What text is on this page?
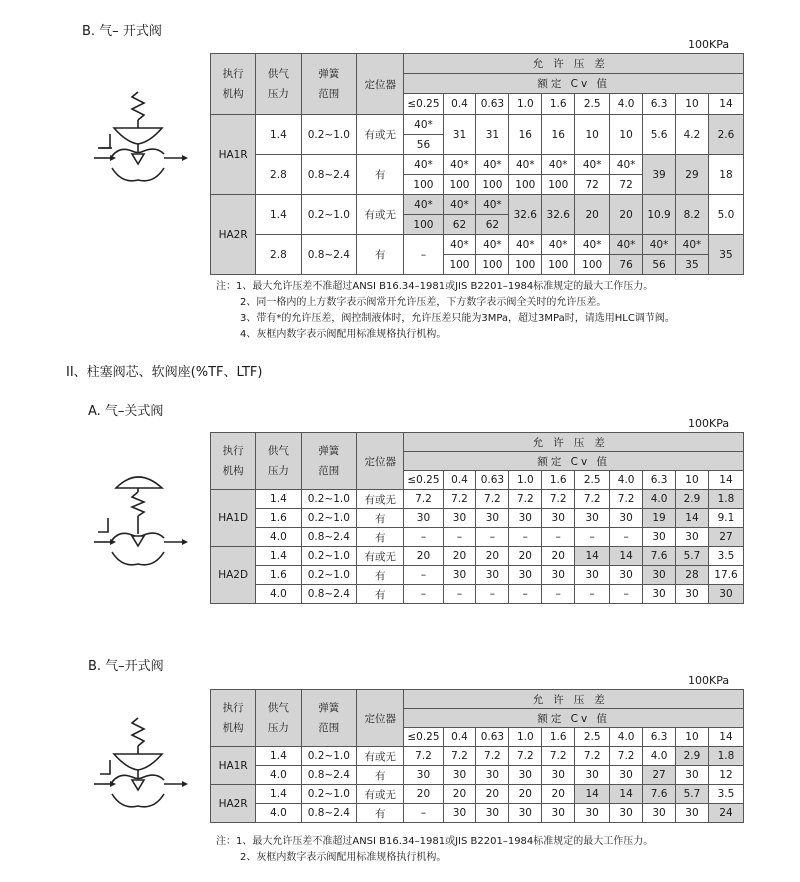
B. 气– 开式阀
100KPa
执行
机构	供气
压力	弹簧
范围	定位器	允许压差									
				额定 Cv 值									
				≤0.25	0.4	0.63	1.0	1.6	2.5	4.0	6.3	10	14
HA1R	1.4	0.2~1.0	有或无	40*	31	31	16	16	10	10	5.6	4.2	2.6
				56									
	2.8	0.8~2.4	有	40*	40*	40*	40*	40*	40*	40*	39	29	18
				100	100	100	100	100	72	72			
HA2R	1.4	0.2~1.0	有或无	40*	40*	40*	32.6	32.6	20	20	10.9	8.2	5.0
				100	62	62							
	2.8	0.8~2.4	有	–	40*	40*	40*	40*	40*	40*	40*	40*	35
					100	100	100	100	100	76	56	35	
注：1、最大允许压差不准超过ANSI B16.34–1981或JIS B2201–1984标准规定的最大工作压力。
2、同一格内的上方数字表示阀常开允许压差，下方数字表示阀全关时的允许压差。
3、带有*的允许压差，阀控制液体时，允许压差只能为3MPa，超过3MPa时，请选用HLC调节阀。
4、灰框内数字表示阀配用标准规格执行机构。
II、柱塞阀芯、软阀座(%TF、LTF)
A. 气–关式阀
100KPa
执行
机构	供气
压力	弹簧
范围	定位器	允许压差									
				额定 Cv 值									
				≤0.25	0.4	0.63	1.0	1.6	2.5	4.0	6.3	10	14
HA1D	1.4	0.2~1.0	有或无	7.2	7.2	7.2	7.2	7.2	7.2	7.2	4.0	2.9	1.8
	1.6	0.2~1.0	有	30	30	30	30	30	30	30	19	14	9.1
	4.0	0.8~2.4	有	–	–	–	–	–	–	–	30	30	27
HA2D	1.4	0.2~1.0	有或无	20	20	20	20	20	14	14	7.6	5.7	3.5
	1.6	0.2~1.0	有	–	30	30	30	30	30	30	30	28	17.6
	4.0	0.8~2.4	有	–	–	–	–	–	–	–	30	30	30
B. 气–开式阀
100KPa
执行
机构	供气
压力	弹簧
范围	定位器	允许压差									
				额定 Cv 值									
				≤0.25	0.4	0.63	1.0	1.6	2.5	4.0	6.3	10	14
HA1R	1.4	0.2~1.0	有或无	7.2	7.2	7.2	7.2	7.2	7.2	7.2	4.0	2.9	1.8
	4.0	0.8~2.4	有	30	30	30	30	30	30	30	27	30	12
HA2R	1.4	0.2~1.0	有或无	20	20	20	20	20	14	14	7.6	5.7	3.5
	4.0	0.8~2.4	有	–	30	30	30	30	30	30	30	30	24
注：1、最大允许压差不准超过ANSI B16.34–1981或JIS B2201–1984标准规定的最大工作压力。
2、灰框内数字表示阀配用标准规格执行机构。
